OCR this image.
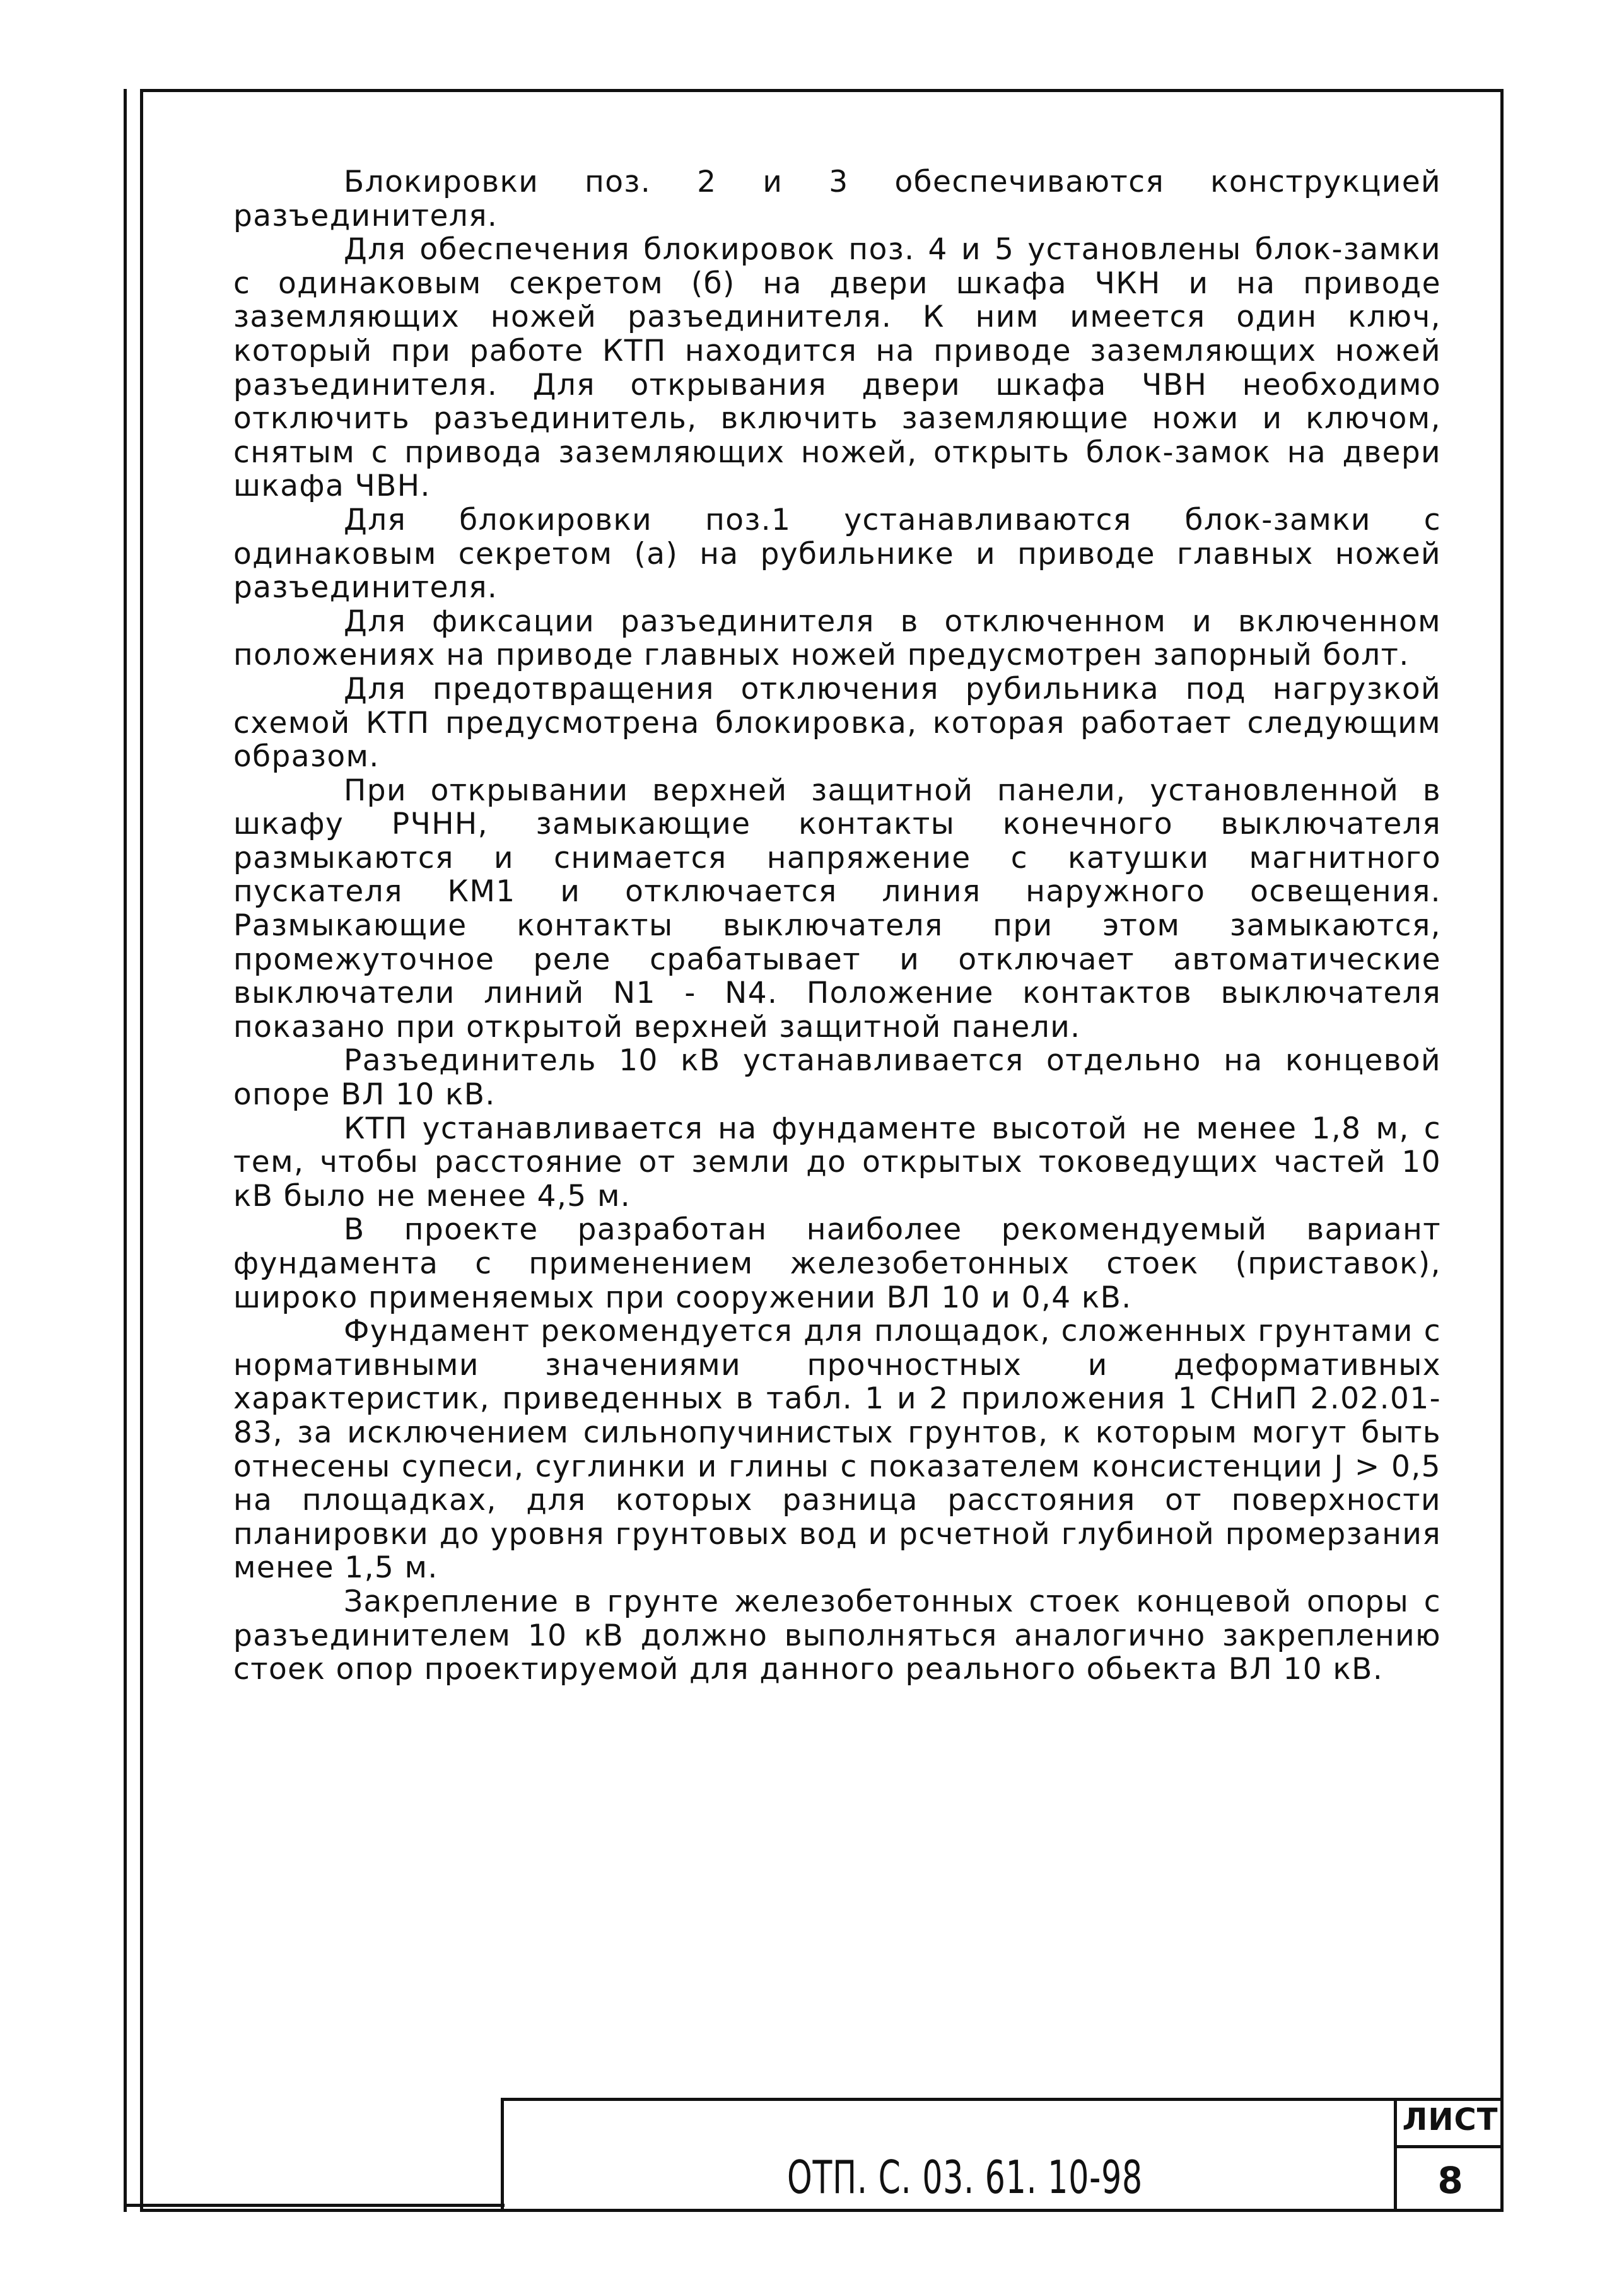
Блокировки поз. 2 и 3 обеспечиваются конструкцией разъединителя.

Для обеспечения блокировок поз. 4 и 5 установлены блок-замки с одинаковым секретом (б) на двери шкафа ЧКН и на приводе заземляющих ножей разъединителя. К ним имеется один ключ, который при работе КТП находится на приводе заземляющих ножей разъединителя. Для открывания двери шкафа ЧВН необходимо отключить разъединитель, включить заземляющие ножи и ключом, снятым с привода заземляющих ножей, открыть блок-замок на двери шкафа ЧВН.

Для блокировки поз.1 устанавливаются блок-замки с одинаковым секретом (а) на рубильнике и приводе главных ножей разъединителя.

Для фиксации разъединителя в отключенном и включенном положениях на приводе главных ножей предусмотрен запорный болт.

Для предотвращения отключения рубильника под нагрузкой схемой КТП предусмотрена блокировка, которая работает следующим образом.

При открывании верхней защитной панели, установленной в шкафу РЧНН, замыкающие контакты конечного выключателя размыкаются и снимается напряжение с катушки магнитного пускателя КМ1 и отключается линия наружного освещения. Размыкающие контакты выключателя при этом замыкаются, промежуточное реле срабатывает и отключает автоматические выключатели линий N1 - N4. Положение контактов выключателя показано при открытой верхней защитной панели.

Разъединитель 10 кВ устанавливается отдельно на концевой опоре ВЛ 10 кВ.

КТП устанавливается на фундаменте высотой не менее 1,8 м, с тем, чтобы расстояние от земли до открытых токоведущих частей 10 кВ было не менее 4,5 м.

В проекте разработан наиболее рекомендуемый вариант фундамента с применением железобетонных стоек (приставок), широко применяемых при сооружении ВЛ 10 и 0,4 кВ.

Фундамент рекомендуется для площадок, сложенных грунтами с нормативными значениями прочностных и деформативных характеристик, приведенных в табл. 1 и 2 приложения 1 СНиП 2.02.01-83, за исключением сильнопучинистых грунтов, к которым могут быть отнесены супеси, суглинки и глины с показателем консистенции J > 0,5 на площадках, для которых разница расстояния от поверхности планировки до уровня грунтовых вод и рсчетной глубиной промерзания менее 1,5 м.

Закрепление в грунте железобетонных стоек концевой опоры с разъединителем 10 кВ должно выполняться аналогично закреплению стоек опор проектируемой для данного реального обьекта ВЛ 10 кВ.

ОТП. С. 03. 61. 10-98
ЛИСТ
8
